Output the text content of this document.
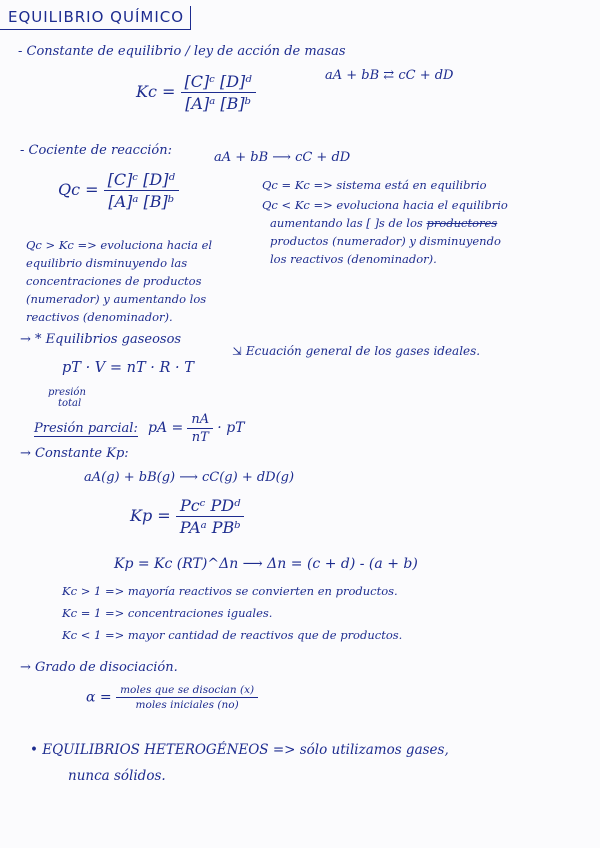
EQUILIBRIO QUÍMICO
- Constante de equilibrio / ley de acción de masas
$Kc = \frac{\text{[C]ᶜ [D]ᵈ}}{\text{[A]ᵃ [B]ᵇ}}$	aA + bB ⇄ cC + dD
- Cociente de reacción:	aA + bB ⟶ cC + dD
$Qc = \frac{\text{[C]ᶜ [D]ᵈ}}{\text{[A]ᵃ [B]ᵇ}}$	Qc = Kc => sistema está en equilibrio
Qc < Kc => evoluciona hacia el equilibrio
aumentando las [ ]s de los productores
productos (numerador) y disminuyendo
los reactivos (denominador).
Qc > Kc => evoluciona hacia el
equilibrio disminuyendo las
concentraciones de productos
(numerador) y aumentando los
reactivos (denominador).
→ * Equilibrios gaseosos
pT · V = nT · R · T
⇲ Ecuación general de los gases ideales.
presión
total
Presión parcial: pA = $\frac{nA}{nT}$ · pT
→ Constante Kp:
aA(g) + bB(g) ⟶ cC(g) + dD(g)
$Kp = \frac{\text{Pcᶜ PDᵈ}}{\text{PAᵃ PBᵇ}}$
Kp = Kc (RT)^Δn ⟶ Δn = (c + d) - (a + b)
Kc > 1 => mayoría reactivos se convierten en productos.
Kc = 1 => concentraciones iguales.
Kc < 1 => mayor cantidad de reactivos que de productos.
→ Grado de disociación.
$\alpha = \frac{\text{moles que se disocian (x)}}{\text{moles iniciales (no)}}$
• EQUILIBRIOS HETEROGÉNEOS => sólo utilizamos gases,
nunca sólidos.
